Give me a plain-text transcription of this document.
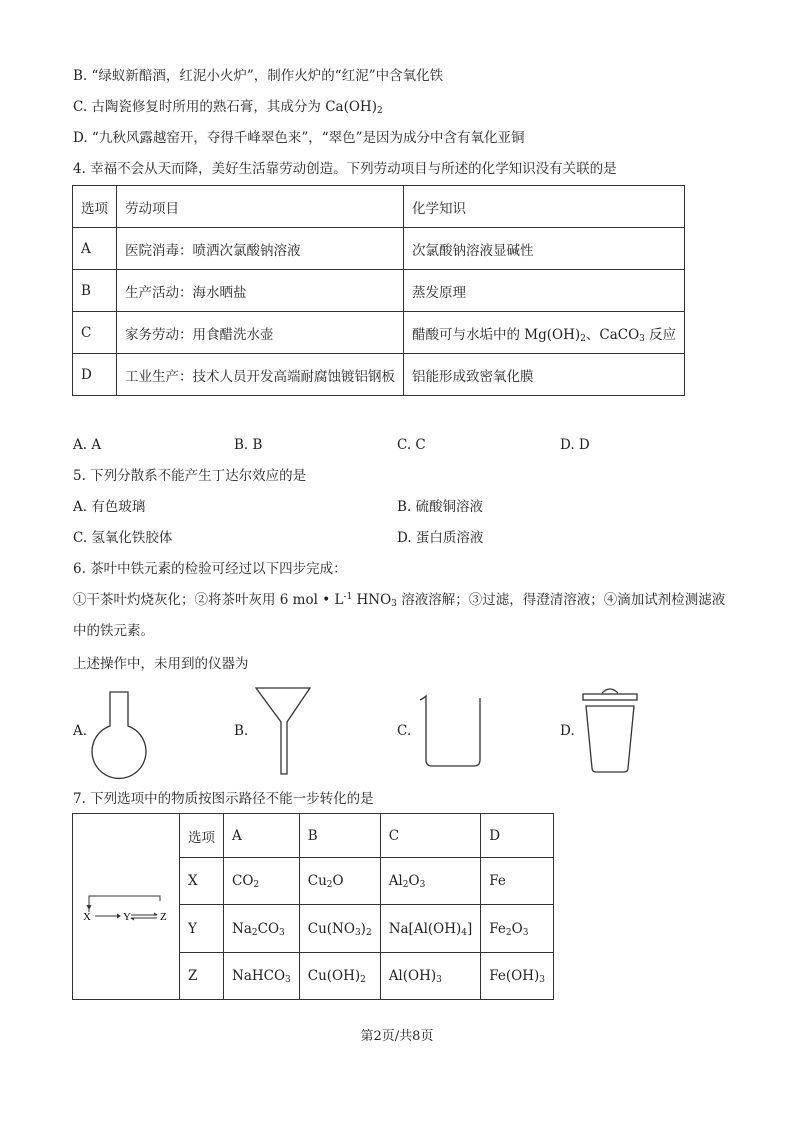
B. “绿蚁新醅酒，红泥小火炉”，制作火炉的“红泥”中含氧化铁
C. 古陶瓷修复时所用的熟石膏，其成分为 $Ca(OH)_2$
D. “九秋风露越窑开，夺得千峰翠色来”，“翠色”是因为成分中含有氧化亚铜
4. 幸福不会从天而降，美好生活靠劳动创造。下列劳动项目与所述的化学知识没有关联的是
选项	劳动项目	化学知识
A	医院消毒：喷洒次氯酸钠溶液	次氯酸钠溶液显碱性
B	生产活动：海水晒盐	蒸发原理
C	家务劳动：用食醋洗水壶	醋酸可与水垢中的 $Mg(OH)_2$、CaCO$_3$ 反应
D	工业生产：技术人员开发高端耐腐蚀镀铝钢板	铝能形成致密氧化膜
A. A	B. B	C. C	D. D
5. 下列分散系不能产生丁达尔效应的是
A. 有色玻璃	B. 硫酸铜溶液
C. 氢氧化铁胶体	D. 蛋白质溶液
6. 茶叶中铁元素的检验可经过以下四步完成：
①干茶叶灼烧灰化；②将茶叶灰用 6 mol • $L^{-1}$ $HNO_3$ 溶液溶解；③过滤，得澄清溶液；④滴加试剂检测滤液
中的铁元素。
上述操作中，未用到的仪器为
A.	B.	C.	D.
7. 下列选项中的物质按图示路径不能一步转化的是
X Y Z	选项	A	B	C	D
	X	$CO_2$	$Cu_2O$	$Al_2O_3$	Fe
	Y	$Na_2CO_3$	$Cu(NO_3)_2$	$Na[Al(OH)_4]$	$Fe_2O_3$
	Z	NaHCO$_3$	$Cu(OH)_2$	$Al(OH)_3$	$Fe(OH)_3$
第2页/共8页
